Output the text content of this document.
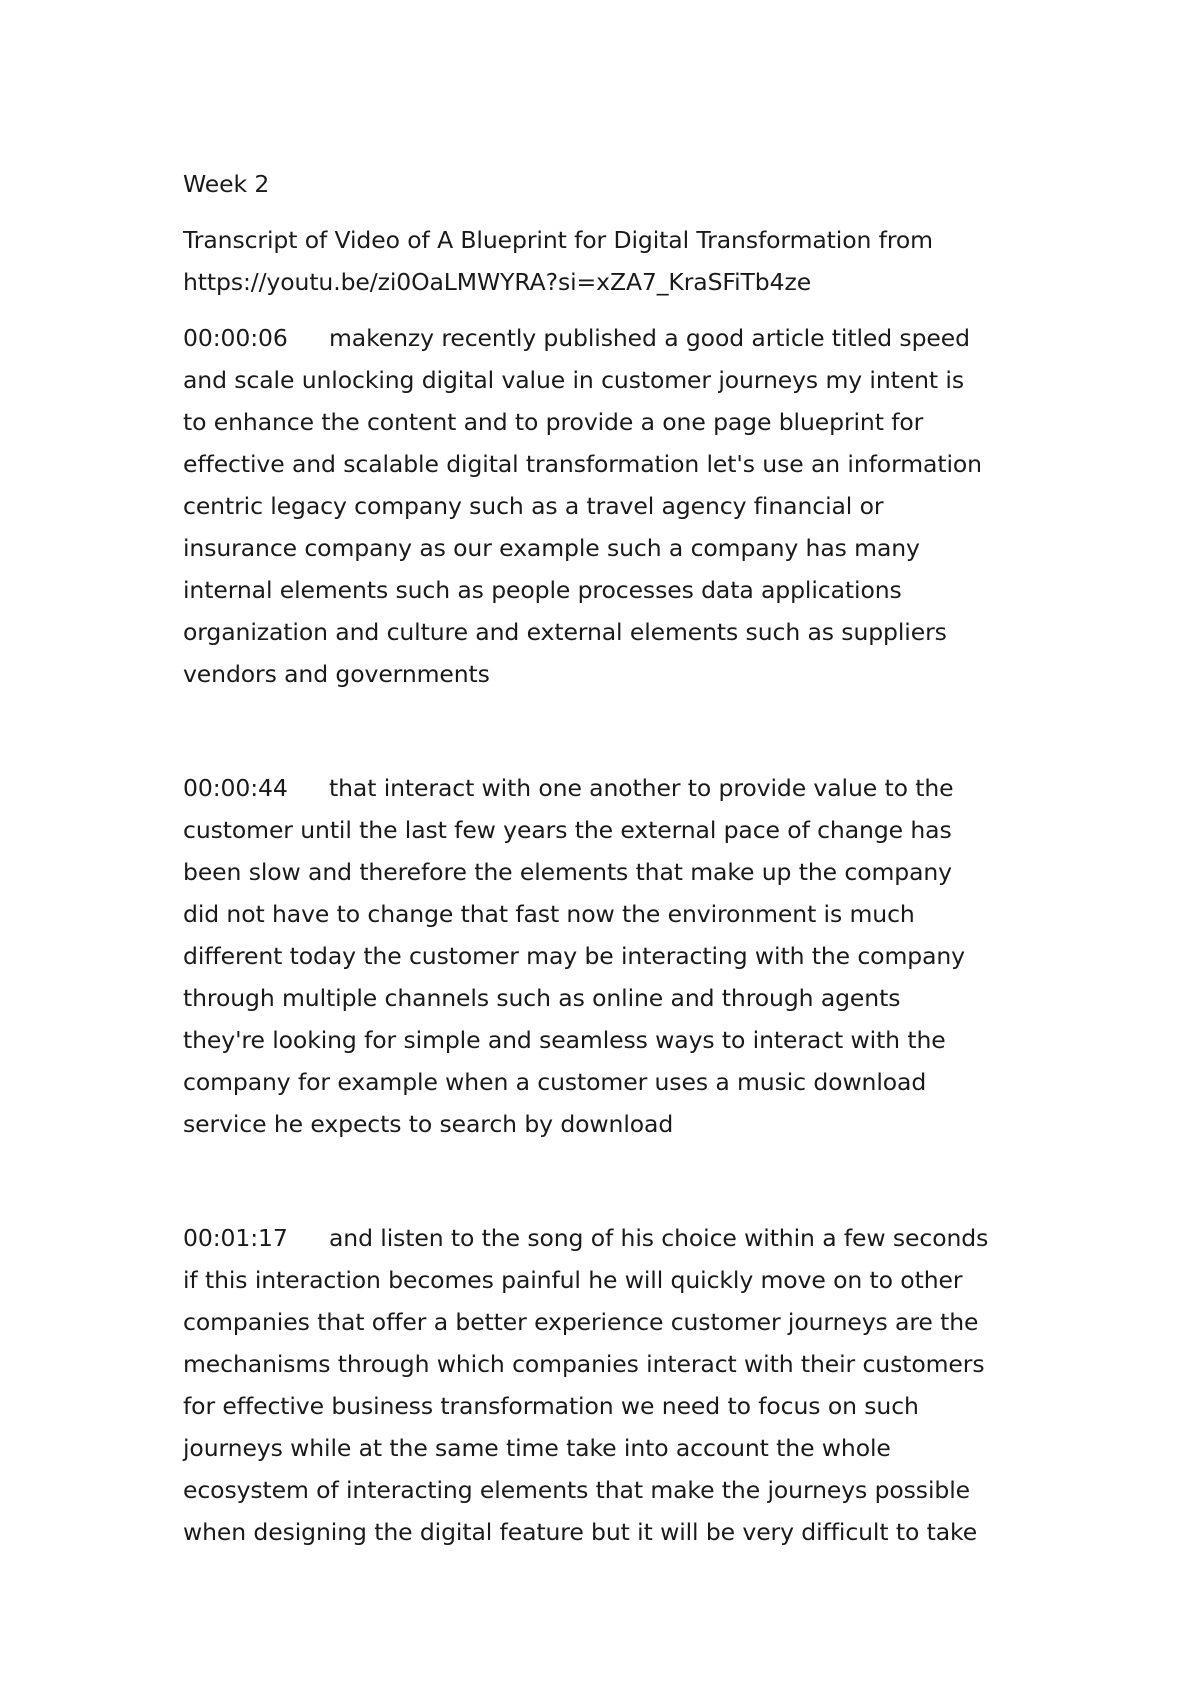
Week 2
Transcript of Video of A Blueprint for Digital Transformation from
https://youtu.be/zi0OaLMWYRA?si=xZA7_KraSFiTb4ze
00:00:06 makenzy recently published a good article titled speed
and scale unlocking digital value in customer journeys my intent is
to enhance the content and to provide a one page blueprint for
effective and scalable digital transformation let's use an information
centric legacy company such as a travel agency financial or
insurance company as our example such a company has many
internal elements such as people processes data applications
organization and culture and external elements such as suppliers
vendors and governments
00:00:44 that interact with one another to provide value to the
customer until the last few years the external pace of change has
been slow and therefore the elements that make up the company
did not have to change that fast now the environment is much
different today the customer may be interacting with the company
through multiple channels such as online and through agents
they're looking for simple and seamless ways to interact with the
company for example when a customer uses a music download
service he expects to search by download
00:01:17 and listen to the song of his choice within a few seconds
if this interaction becomes painful he will quickly move on to other
companies that offer a better experience customer journeys are the
mechanisms through which companies interact with their customers
for effective business transformation we need to focus on such
journeys while at the same time take into account the whole
ecosystem of interacting elements that make the journeys possible
when designing the digital feature but it will be very difficult to take
